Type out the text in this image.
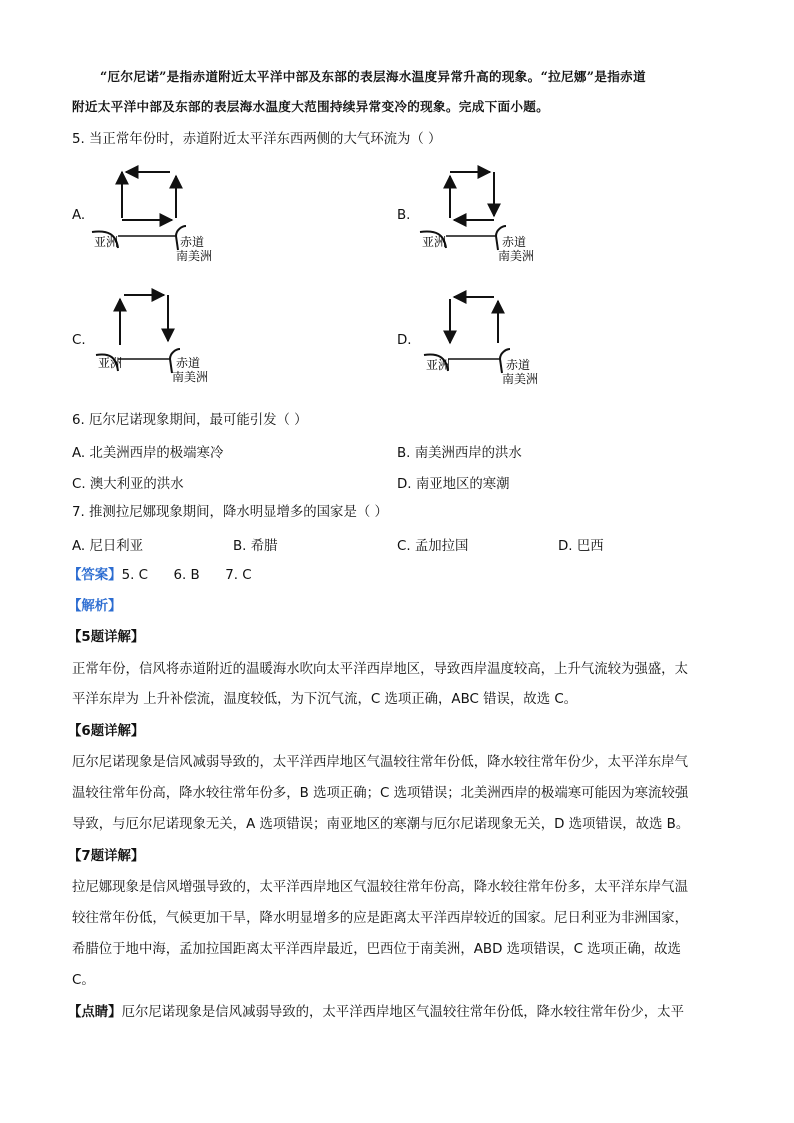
“厄尔尼诺”是指赤道附近太平洋中部及东部的表层海水温度异常升高的现象。“拉尼娜”是指赤道
附近太平洋中部及东部的表层海水温度大范围持续异常变冷的现象。完成下面小题。
5. 当正常年份时，赤道附近太平洋东西两侧的大气环流为（ ）
A.
亚洲	赤道
南美洲
B.
亚洲	赤道
南美洲
C.
亚洲	赤道
南美洲
D.
亚洲	赤道
南美洲
6. 厄尔尼诺现象期间，最可能引发（ ）
A. 北美洲西岸的极端寒冷	B. 南美洲西岸的洪水
C. 澳大利亚的洪水	D. 南亚地区的寒潮
7. 推测拉尼娜现象期间，降水明显增多的国家是（ ）
A. 尼日利亚	B. 希腊	C. 孟加拉国	D. 巴西
【答案】5. C      6. B      7. C
【解析】
【5题详解】
正常年份，信风将赤道附近的温暖海水吹向太平洋西岸地区，导致西岸温度较高，上升气流较为强盛，太
平洋东岸为 上升补偿流，温度较低，为下沉气流，C 选项正确，ABC 错误，故选 C。
【6题详解】
厄尔尼诺现象是信风减弱导致的，太平洋西岸地区气温较往常年份低，降水较往常年份少，太平洋东岸气
温较往常年份高，降水较往常年份多，B 选项正确；C 选项错误；北美洲西岸的极端寒可能因为寒流较强
导致，与厄尔尼诺现象无关，A 选项错误；南亚地区的寒潮与厄尔尼诺现象无关，D 选项错误，故选 B。
【7题详解】
拉尼娜现象是信风增强导致的，太平洋西岸地区气温较往常年份高，降水较往常年份多，太平洋东岸气温
较往常年份低，气候更加干旱，降水明显增多的应是距离太平洋西岸较近的国家。尼日利亚为非洲国家，
希腊位于地中海，孟加拉国距离太平洋西岸最近，巴西位于南美洲，ABD 选项错误，C 选项正确，故选
C。
【点睛】厄尔尼诺现象是信风减弱导致的，太平洋西岸地区气温较往常年份低，降水较往常年份少，太平
